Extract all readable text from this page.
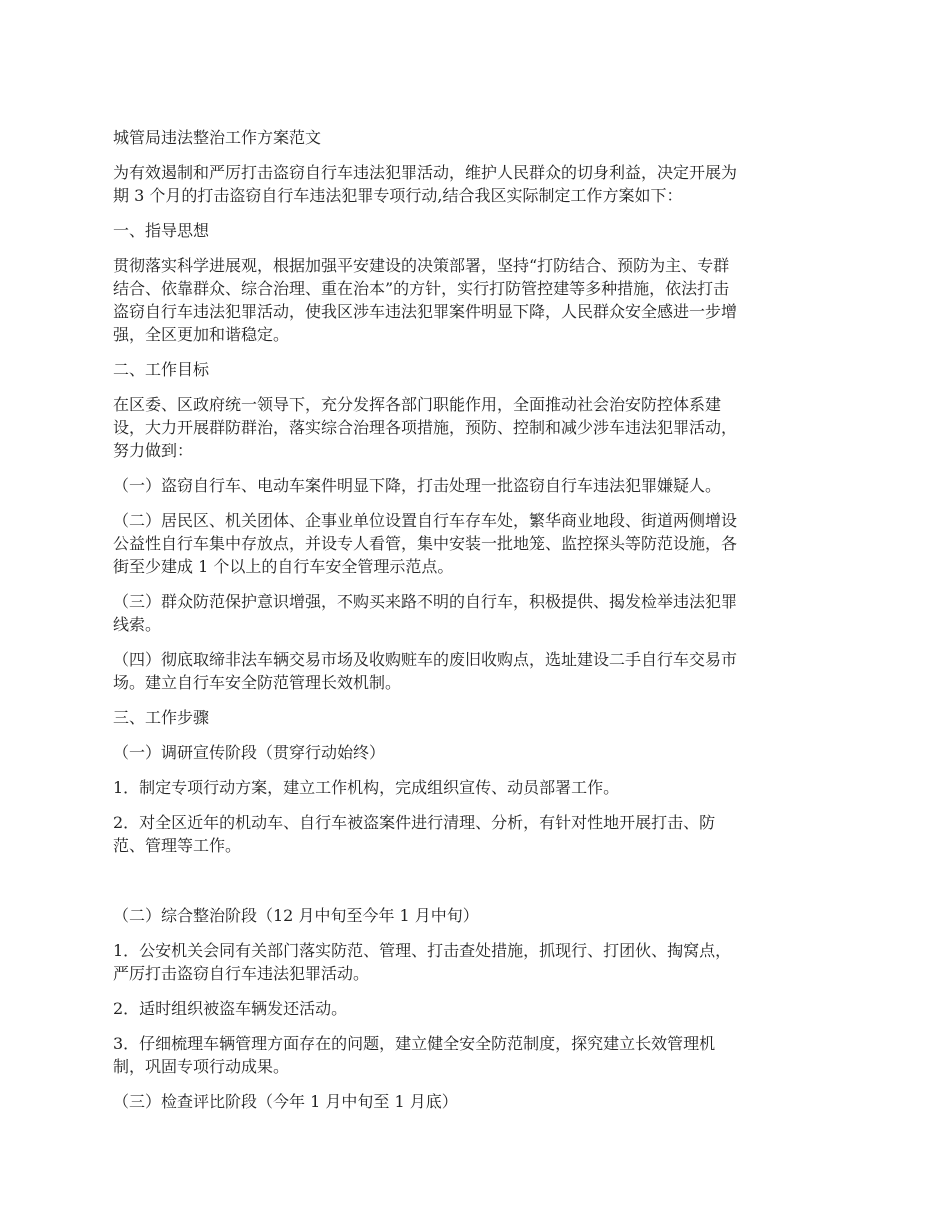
城管局违法整治工作方案范文

为有效遏制和严厉打击盗窃自行车违法犯罪活动，维护人民群众的切身利益，决定开展为
期 3 个月的打击盗窃自行车违法犯罪专项行动,结合我区实际制定工作方案如下：

一、指导思想

贯彻落实科学进展观，根据加强平安建设的决策部署，坚持“打防结合、预防为主、专群
结合、依靠群众、综合治理、重在治本”的方针，实行打防管控建等多种措施，依法打击
盗窃自行车违法犯罪活动，使我区涉车违法犯罪案件明显下降，人民群众安全感进一步增
强，全区更加和谐稳定。

二、工作目标

在区委、区政府统一领导下，充分发挥各部门职能作用，全面推动社会治安防控体系建
设，大力开展群防群治，落实综合治理各项措施，预防、控制和减少涉车违法犯罪活动，
努力做到：

（一）盗窃自行车、电动车案件明显下降，打击处理一批盗窃自行车违法犯罪嫌疑人。

（二）居民区、机关团体、企事业单位设置自行车存车处，繁华商业地段、街道两侧增设
公益性自行车集中存放点，并设专人看管，集中安装一批地笼、监控探头等防范设施，各
街至少建成 1 个以上的自行车安全管理示范点。

（三）群众防范保护意识增强，不购买来路不明的自行车，积极提供、揭发检举违法犯罪
线索。

（四）彻底取缔非法车辆交易市场及收购赃车的废旧收购点，选址建设二手自行车交易市
场。建立自行车安全防范管理长效机制。

三、工作步骤

（一）调研宣传阶段（贯穿行动始终）

1．制定专项行动方案，建立工作机构，完成组织宣传、动员部署工作。

2．对全区近年的机动车、自行车被盗案件进行清理、分析，有针对性地开展打击、防
范、管理等工作。

（二）综合整治阶段（12 月中旬至今年 1 月中旬）

1．公安机关会同有关部门落实防范、管理、打击查处措施，抓现行、打团伙、掏窝点，
严厉打击盗窃自行车违法犯罪活动。

2．适时组织被盗车辆发还活动。

3．仔细梳理车辆管理方面存在的问题，建立健全安全防范制度，探究建立长效管理机
制，巩固专项行动成果。

（三）检查评比阶段（今年 1 月中旬至 1 月底）
